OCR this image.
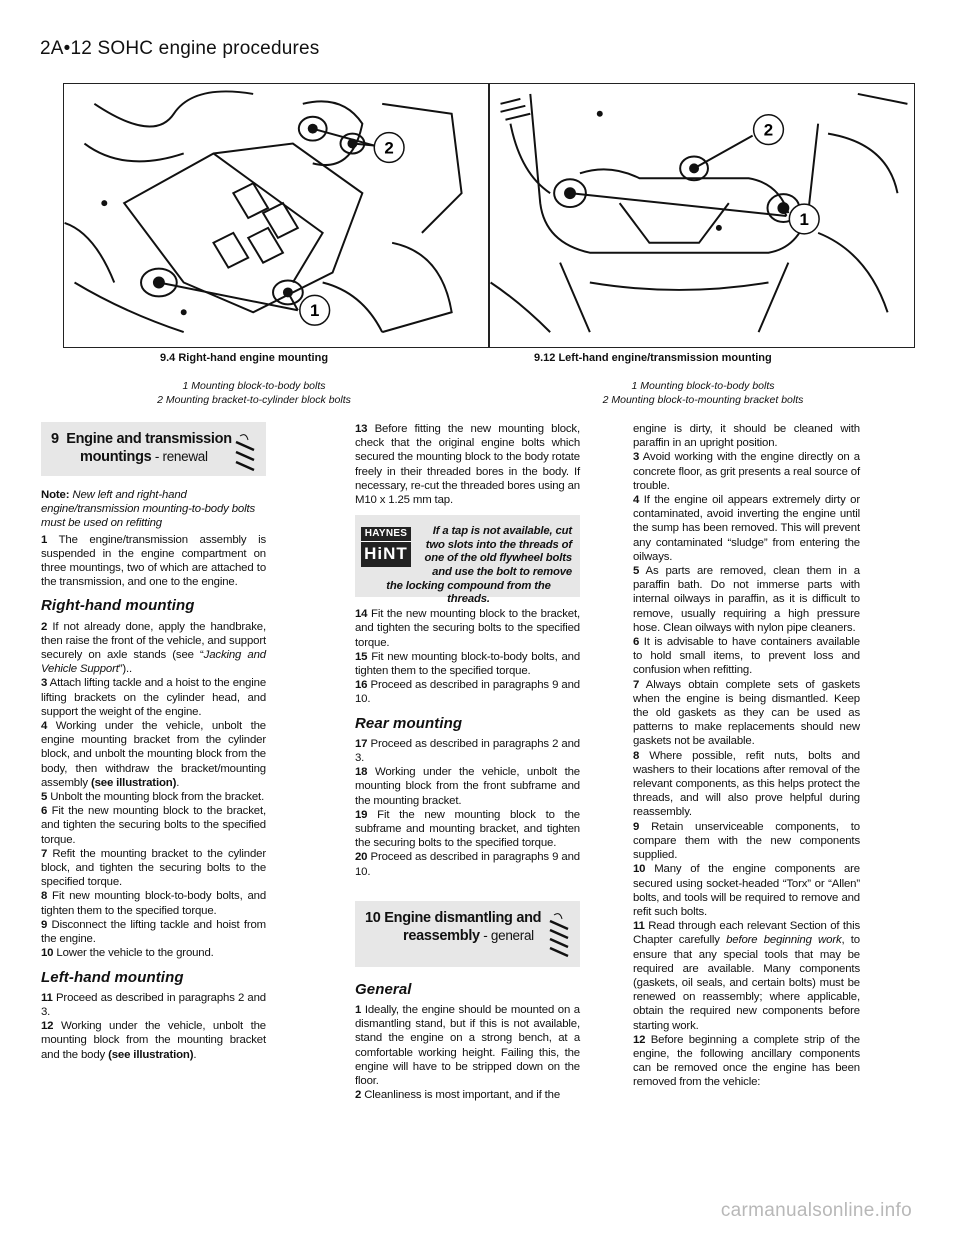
2A•12 SOHC engine procedures
1
2
1
2
9.4 Right-hand engine mounting	9.12 Left-hand engine/transmission mounting
1 Mounting block-to-body bolts
2 Mounting bracket-to-cylinder block bolts
1 Mounting block-to-body bolts
2 Mounting block-to-mounting bracket bolts
9 Engine and transmission
mountings - renewal

Note: New left and right-hand engine/transmission mounting-to-body bolts must be used on refitting

1 The engine/transmission assembly is suspended in the engine compartment on three mountings, two of which are attached to the transmission, and one to the engine.

Right-hand mounting

2 If not already done, apply the handbrake, then raise the front of the vehicle, and support securely on axle stands (see “Jacking and Vehicle Support”)..

3 Attach lifting tackle and a hoist to the engine lifting brackets on the cylinder head, and support the weight of the engine.

4 Working under the vehicle, unbolt the engine mounting bracket from the cylinder block, and unbolt the mounting block from the body, then withdraw the bracket/mounting assembly (see illustration).

5 Unbolt the mounting block from the bracket.

6 Fit the new mounting block to the bracket, and tighten the securing bolts to the specified torque.

7 Refit the mounting bracket to the cylinder block, and tighten the securing bolts to the specified torque.

8 Fit new mounting block-to-body bolts, and tighten them to the specified torque.

9 Disconnect the lifting tackle and hoist from the engine.

10 Lower the vehicle to the ground.

Left-hand mounting

11 Proceed as described in paragraphs 2 and 3.

12 Working under the vehicle, unbolt the mounting block from the mounting bracket and the body (see illustration).

13 Before fitting the new mounting block, check that the original engine bolts which secured the mounting block to the body rotate freely in their threaded bores in the body. If necessary, re-cut the threaded bores using an M10 x 1.25 mm tap.

HAYNES
HiNT
If a tap is not available, cut
two slots into the threads of
one of the old flywheel bolts
and use the bolt to remove
the locking compound from the threads.

14 Fit the new mounting block to the bracket, and tighten the securing bolts to the specified torque.

15 Fit new mounting block-to-body bolts, and tighten them to the specified torque.

16 Proceed as described in paragraphs 9 and 10.

Rear mounting

17 Proceed as described in paragraphs 2 and 3.

18 Working under the vehicle, unbolt the mounting block from the front subframe and the mounting bracket.

19 Fit the new mounting block to the subframe and mounting bracket, and tighten the securing bolts to the specified torque.

20 Proceed as described in paragraphs 9 and 10.

10 Engine dismantling and
reassembly - general
General

1 Ideally, the engine should be mounted on a dismantling stand, but if this is not available, stand the engine on a strong bench, at a comfortable working height. Failing this, the engine will have to be stripped down on the floor.

2 Cleanliness is most important, and if the

engine is dirty, it should be cleaned with paraffin in an upright position.

3 Avoid working with the engine directly on a concrete floor, as grit presents a real source of trouble.

4 If the engine oil appears extremely dirty or contaminated, avoid inverting the engine until the sump has been removed. This will prevent any contaminated “sludge” from entering the oilways.

5 As parts are removed, clean them in a paraffin bath. Do not immerse parts with internal oilways in paraffin, as it is difficult to remove, usually requiring a high pressure hose. Clean oilways with nylon pipe cleaners.

6 It is advisable to have containers available to hold small items, to prevent loss and confusion when refitting.

7 Always obtain complete sets of gaskets when the engine is being dismantled. Keep the old gaskets as they can be used as patterns to make replacements should new gaskets not be available.

8 Where possible, refit nuts, bolts and washers to their locations after removal of the relevant components, as this helps protect the threads, and will also prove helpful during reassembly.

9 Retain unserviceable components, to compare them with the new components supplied.

10 Many of the engine components are secured using socket-headed “Torx” or “Allen” bolts, and tools will be required to remove and refit such bolts.

11 Read through each relevant Section of this Chapter carefully before beginning work, to ensure that any special tools that may be required are available. Many components (gaskets, oil seals, and certain bolts) must be renewed on reassembly; where applicable, obtain the required new components before starting work.

12 Before beginning a complete strip of the engine, the following ancillary components can be removed once the engine has been removed from the vehicle:

carmanualsonline.info
